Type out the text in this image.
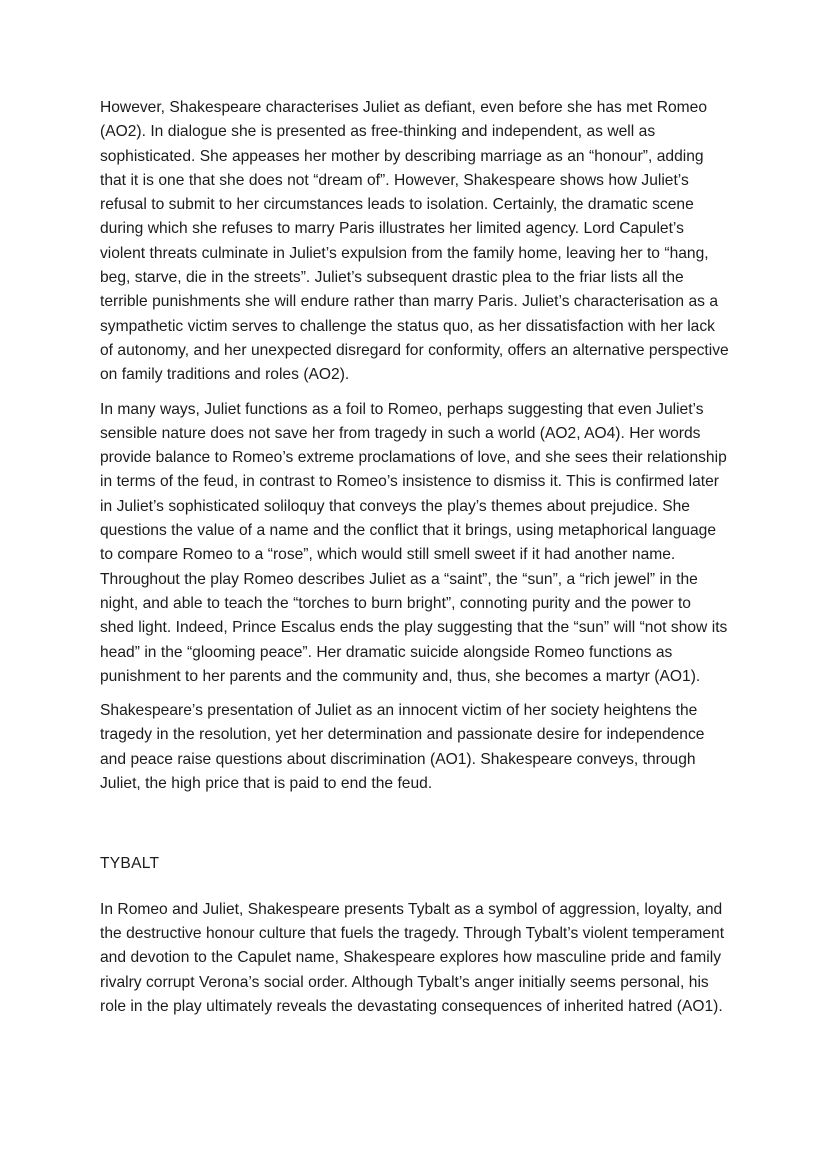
However, Shakespeare characterises Juliet as defiant, even before she has met Romeo (AO2). In dialogue she is presented as free-thinking and independent, as well as sophisticated. She appeases her mother by describing marriage as an “honour”, adding that it is one that she does not “dream of”. However, Shakespeare shows how Juliet’s refusal to submit to her circumstances leads to isolation. Certainly, the dramatic scene during which she refuses to marry Paris illustrates her limited agency. Lord Capulet’s violent threats culminate in Juliet’s expulsion from the family home, leaving her to “hang, beg, starve, die in the streets”. Juliet’s subsequent drastic plea to the friar lists all the terrible punishments she will endure rather than marry Paris. Juliet’s characterisation as a sympathetic victim serves to challenge the status quo, as her dissatisfaction with her lack of autonomy, and her unexpected disregard for conformity, offers an alternative perspective on family traditions and roles (AO2).

In many ways, Juliet functions as a foil to Romeo, perhaps suggesting that even Juliet’s sensible nature does not save her from tragedy in such a world (AO2, AO4). Her words provide balance to Romeo’s extreme proclamations of love, and she sees their relationship in terms of the feud, in contrast to Romeo’s insistence to dismiss it. This is confirmed later in Juliet’s sophisticated soliloquy that conveys the play’s themes about prejudice. She questions the value of a name and the conflict that it brings, using metaphorical language to compare Romeo to a “rose”, which would still smell sweet if it had another name. Throughout the play Romeo describes Juliet as a “saint”, the “sun”, a “rich jewel” in the night, and able to teach the “torches to burn bright”, connoting purity and the power to shed light. Indeed, Prince Escalus ends the play suggesting that the “sun” will “not show its head” in the “glooming peace”. Her dramatic suicide alongside Romeo functions as punishment to her parents and the community and, thus, she becomes a martyr (AO1).

Shakespeare’s presentation of Juliet as an innocent victim of her society heightens the tragedy in the resolution, yet her determination and passionate desire for independence and peace raise questions about discrimination (AO1). Shakespeare conveys, through Juliet, the high price that is paid to end the feud.

TYBALT

In Romeo and Juliet, Shakespeare presents Tybalt as a symbol of aggression, loyalty, and the destructive honour culture that fuels the tragedy. Through Tybalt’s violent temperament and devotion to the Capulet name, Shakespeare explores how masculine pride and family rivalry corrupt Verona’s social order. Although Tybalt’s anger initially seems personal, his role in the play ultimately reveals the devastating consequences of inherited hatred (AO1).
